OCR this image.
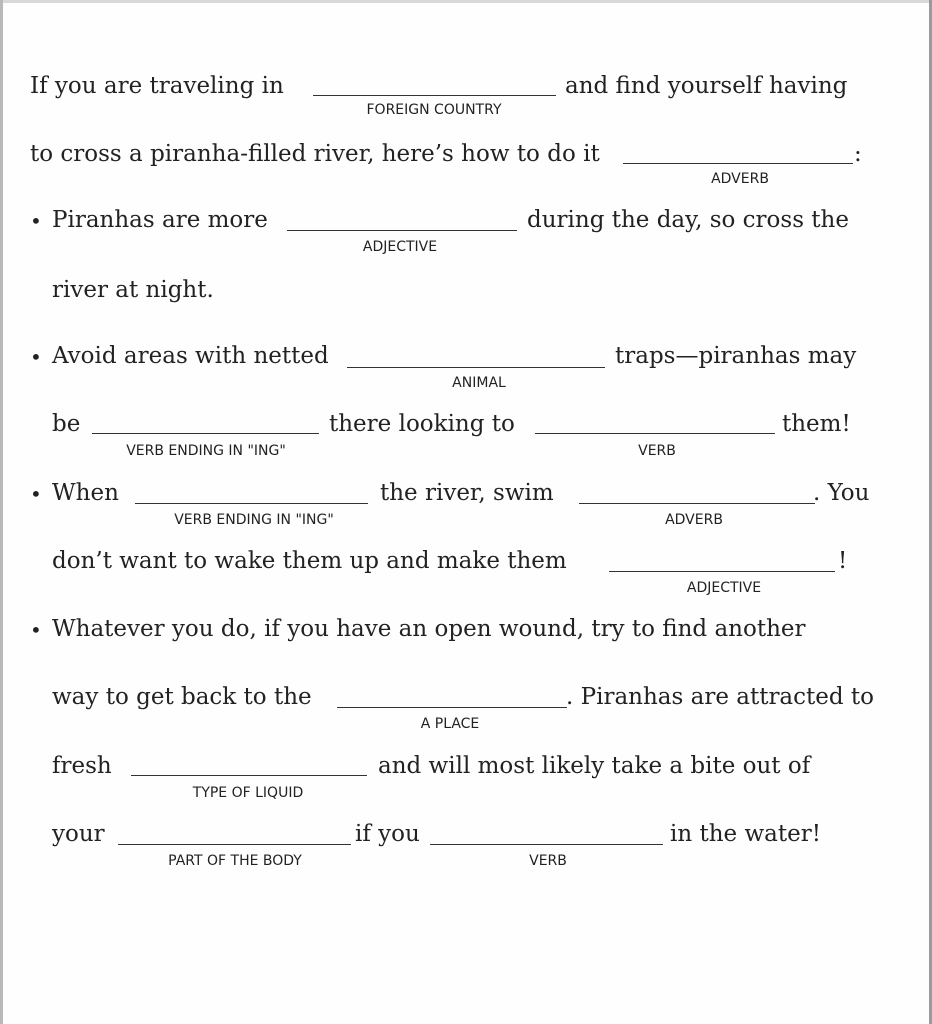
If you are traveling in
FOREIGN COUNTRY
and find yourself having
to cross a piranha-filled river, here’s how to do it
ADVERB
:
• Piranhas are more
ADJECTIVE
during the day, so cross the
river at night.
• Avoid areas with netted
ANIMAL
traps—piranhas may
be
VERB ENDING IN "ING"
there looking to
VERB
them!
• When
VERB ENDING IN "ING"
the river, swim
ADVERB
. You
don’t want to wake them up and make them
ADJECTIVE
!
• Whatever you do, if you have an open wound, try to find another
way to get back to the
A PLACE
. Piranhas are attracted to
fresh
TYPE OF LIQUID
and will most likely take a bite out of
your
PART OF THE BODY
if you
VERB
in the water!
